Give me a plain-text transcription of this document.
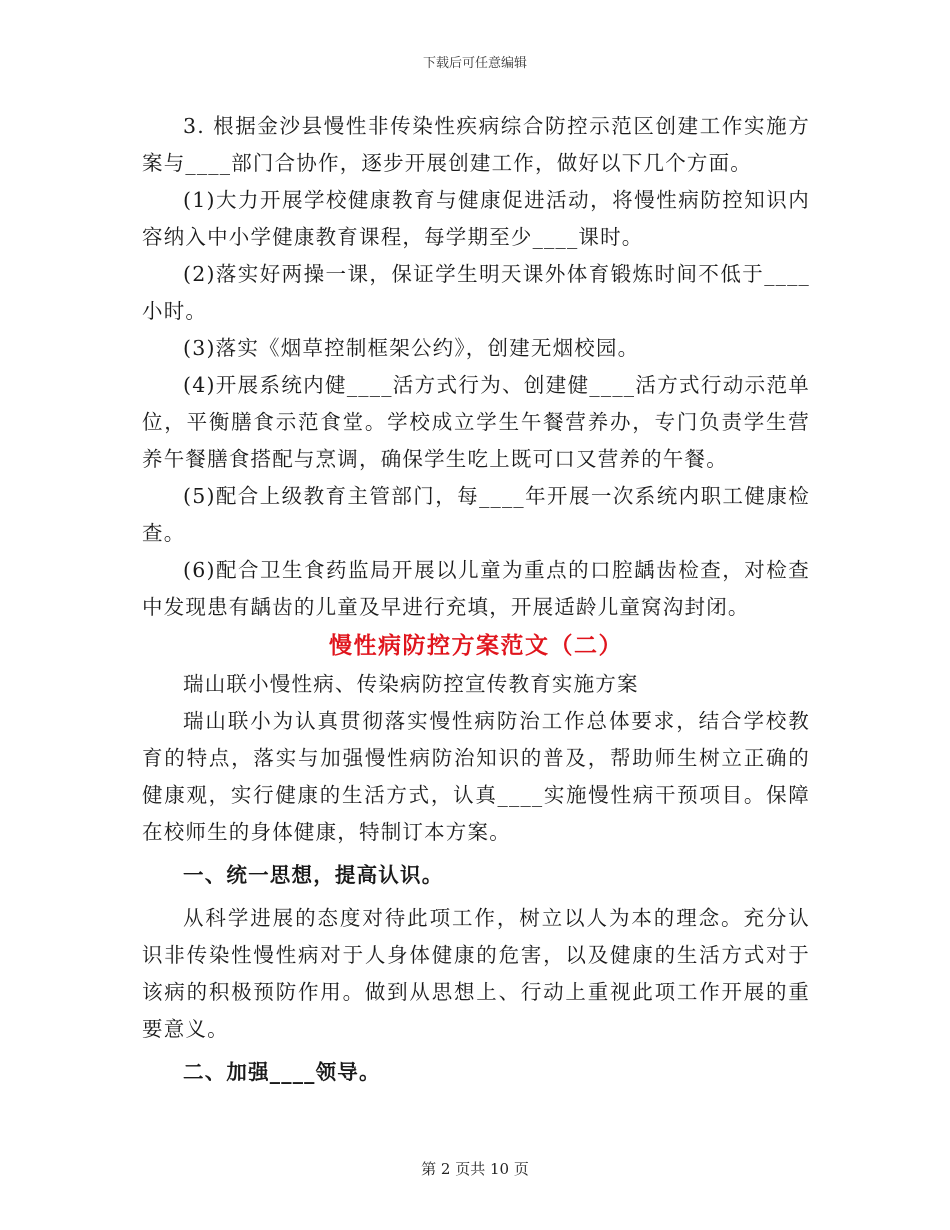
下载后可任意编辑

3. 根据金沙县慢性非传染性疾病综合防控示范区创建工作实施方案与____部门合协作，逐步开展创建工作，做好以下几个方面。

(1)大力开展学校健康教育与健康促进活动，将慢性病防控知识内容纳入中小学健康教育课程，每学期至少____课时。

(2)落实好两操一课，保证学生明天课外体育锻炼时间不低于____小时。

(3)落实《烟草控制框架公约》，创建无烟校园。

(4)开展系统内健____活方式行为、创建健____活方式行动示范单位，平衡膳食示范食堂。学校成立学生午餐营养办，专门负责学生营养午餐膳食搭配与烹调，确保学生吃上既可口又营养的午餐。

(5)配合上级教育主管部门，每____年开展一次系统内职工健康检查。

(6)配合卫生食药监局开展以儿童为重点的口腔龋齿检查，对检查中发现患有龋齿的儿童及早进行充填，开展适龄儿童窝沟封闭。

慢性病防控方案范文（二）

瑞山联小慢性病、传染病防控宣传教育实施方案

瑞山联小为认真贯彻落实慢性病防治工作总体要求，结合学校教育的特点，落实与加强慢性病防治知识的普及，帮助师生树立正确的健康观，实行健康的生活方式，认真____实施慢性病干预项目。保障在校师生的身体健康，特制订本方案。

一、统一思想，提高认识。

从科学进展的态度对待此项工作，树立以人为本的理念。充分认识非传染性慢性病对于人身体健康的危害，以及健康的生活方式对于该病的积极预防作用。做到从思想上、行动上重视此项工作开展的重要意义。

二、加强____领导。

第 2 页共 10 页
